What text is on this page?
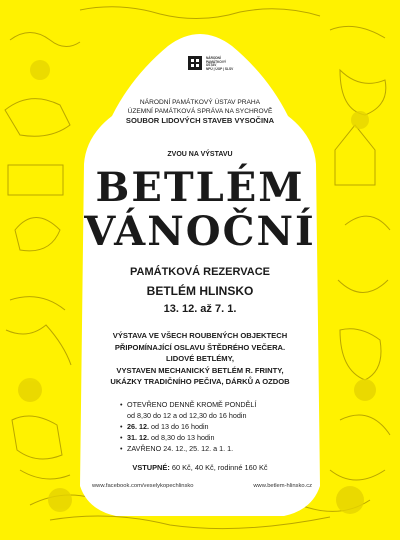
NÁRODNÍ
PAMÁTKOVÝ
ÚSTAV
NPÚ | ÚOP | SLSV
NÁRODNÍ PAMÁTKOVÝ ÚSTAV PRAHA
ÚZEMNÍ PAMÁTKOVÁ SPRÁVA NA SYCHROVĚ
SOUBOR LIDOVÝCH STAVEB VYSOČINA
ZVOU NA VÝSTAVU
BETLÉM
VÁNOČNÍ
PAMÁTKOVÁ REZERVACE
BETLÉM HLINSKO
13. 12. až 7. 1.
VÝSTAVA VE VŠECH ROUBENÝCH OBJEKTECH
PŘIPOMÍNAJÍCÍ OSLAVU ŠTĚDRÉHO VEČERA.
LIDOVÉ BETLÉMY,
VYSTAVEN MECHANICKÝ BETLÉM R. FRINTY,
UKÁZKY TRADIČNÍHO PEČIVA, DÁRKŮ A OZDOB
• OTEVŘENO DENNĚ KROMĚ PONDĚLÍ
od 8,30 do 12 a od 12,30 do 16 hodin
• 26. 12. od 13 do 16 hodin
• 31. 12. od 8,30 do 13 hodin
• ZAVŘENO 24. 12., 25. 12. a 1. 1.
VSTUPNÉ: 60 Kč, 40 Kč, rodinné 160 Kč
www.facebook.com/veselykopechlinsko	www.betlem-hlinsko.cz
